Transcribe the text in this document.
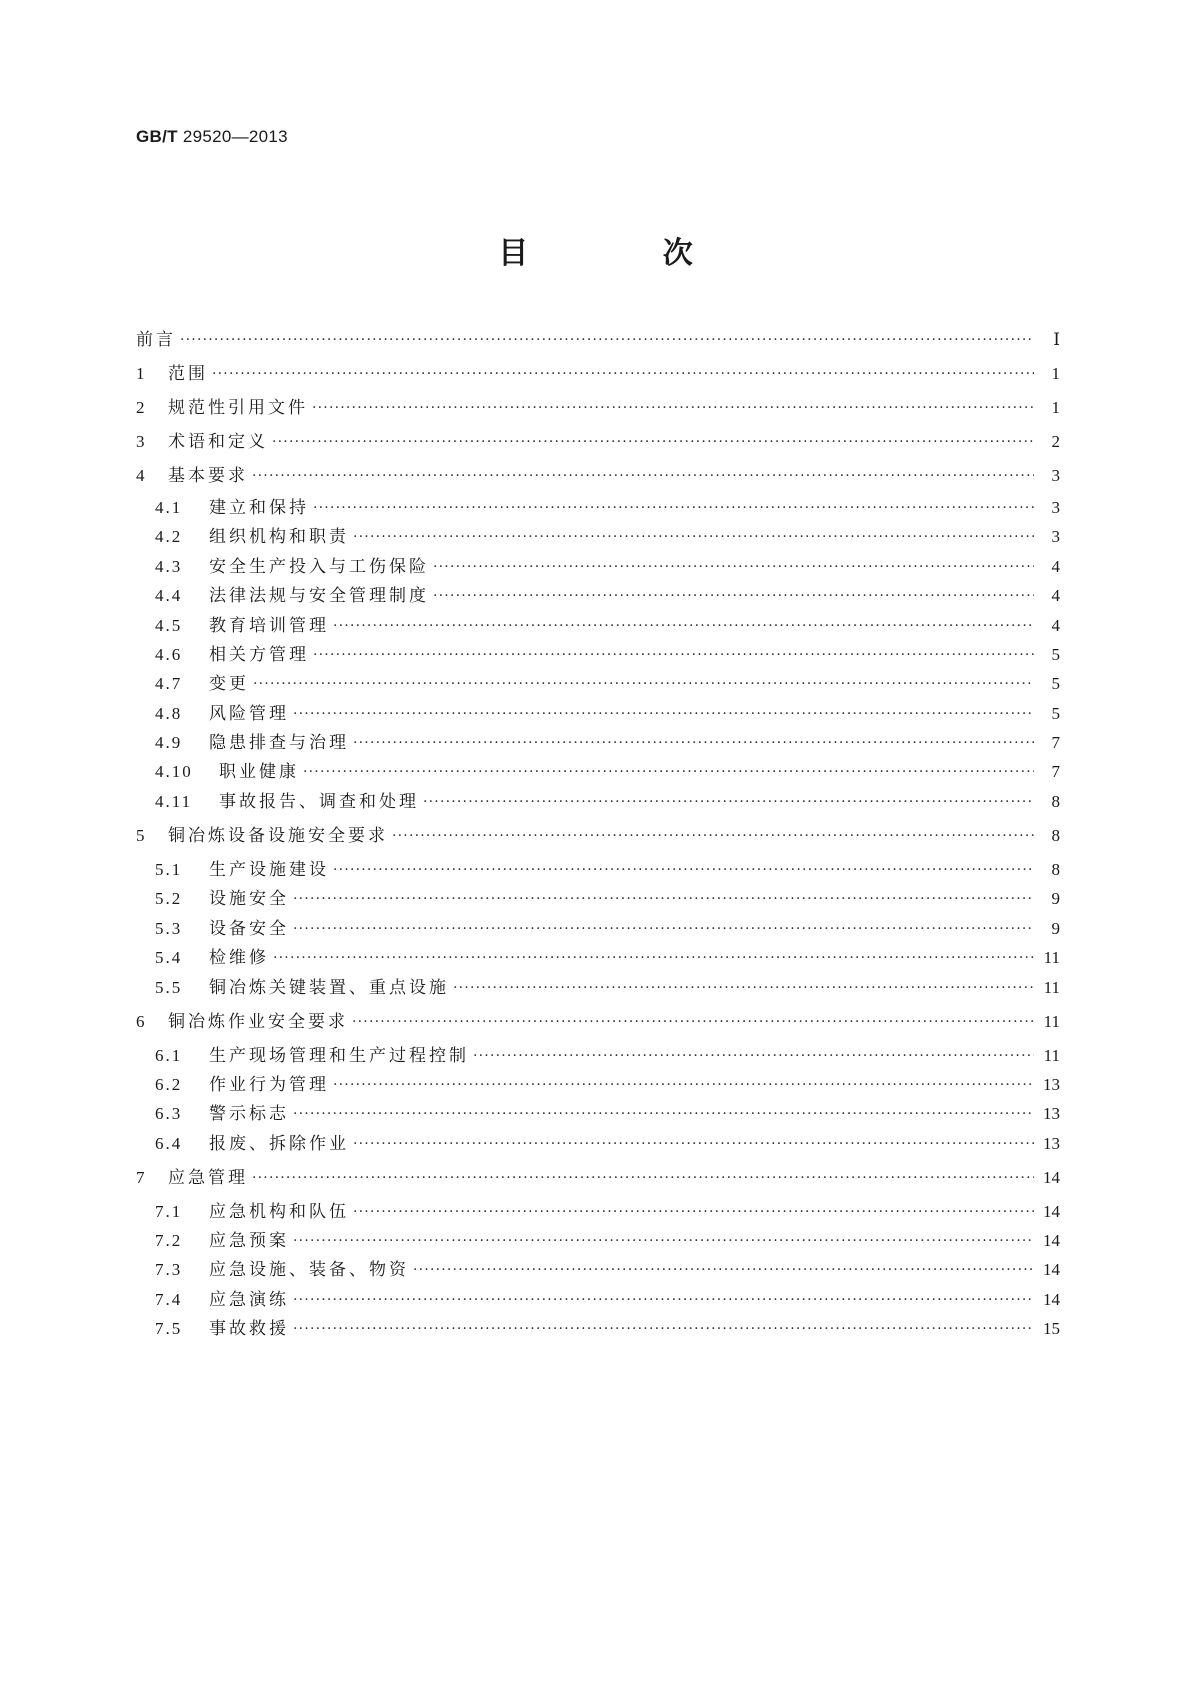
GB/T 29520—2013
目 次
前言 ·····	Ⅰ
1	范围 ·····	1
2	规范性引用文件 ·····	1
3	术语和定义 ·····	2
4	基本要求 ·····	3
4.1	建立和保持 ·····	3
4.2	组织机构和职责 ·····	3
4.3	安全生产投入与工伤保险 ·····	4
4.4	法律法规与安全管理制度 ·····	4
4.5	教育培训管理 ·····	4
4.6	相关方管理 ·····	5
4.7	变更 ·····	5
4.8	风险管理 ·····	5
4.9	隐患排查与治理 ·····	7
4.10	职业健康 ·····	7
4.11	事故报告、调查和处理 ·····	8
5	铜冶炼设备设施安全要求 ·····	8
5.1	生产设施建设 ·····	8
5.2	设施安全 ·····	9
5.3	设备安全 ·····	9
5.4	检维修 ·····	11
5.5	铜冶炼关键装置、重点设施 ·····	11
6	铜冶炼作业安全要求 ·····	11
6.1	生产现场管理和生产过程控制 ·····	11
6.2	作业行为管理 ·····	13
6.3	警示标志 ·····	13
6.4	报废、拆除作业 ·····	13
7	应急管理 ·····	14
7.1	应急机构和队伍 ·····	14
7.2	应急预案 ·····	14
7.3	应急设施、装备、物资 ·····	14
7.4	应急演练 ·····	14
7.5	事故救援 ·····	15
